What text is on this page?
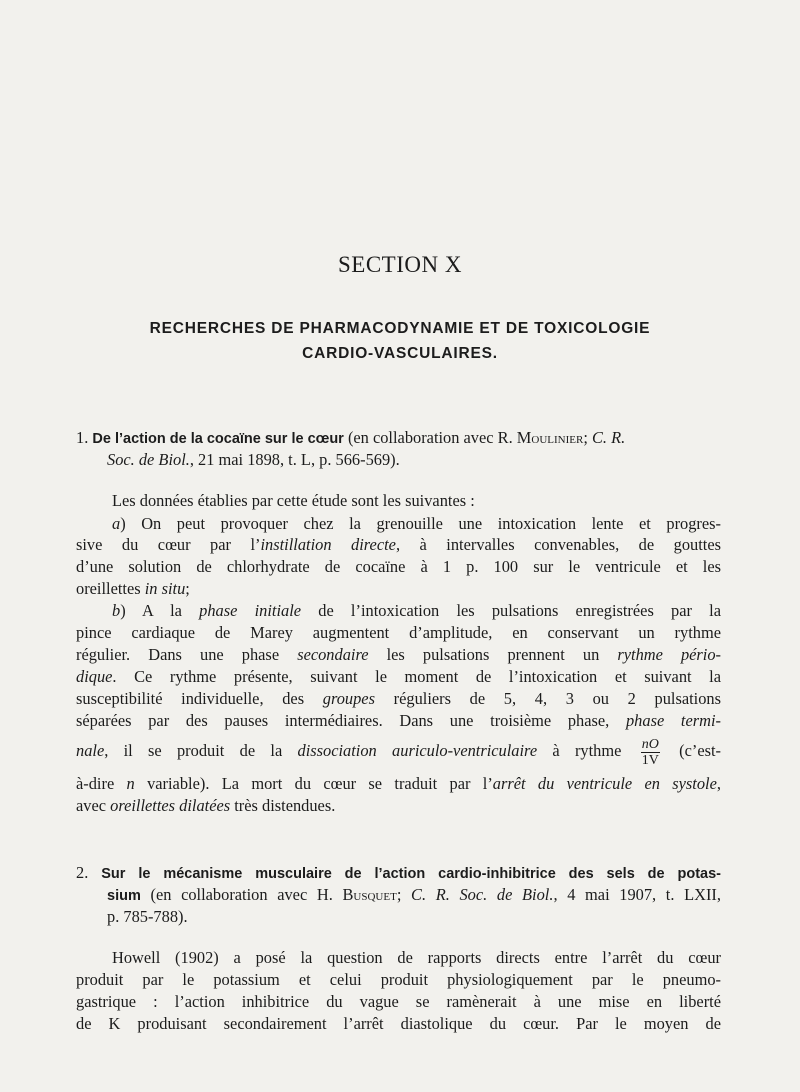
SECTION X
RECHERCHES DE PHARMACODYNAMIE ET DE TOXICOLOGIE
CARDIO-VASCULAIRES.
1. De l’action de la cocaïne sur le cœur (en collaboration avec R. Moulinier; C. R.
Soc. de Biol., 21 mai 1898, t. L, p. 566-569).
Les données établies par cette étude sont les suivantes :
a) On peut provoquer chez la grenouille une intoxication lente et progres-
sive du cœur par l’instillation directe, à intervalles convenables, de gouttes
d’une solution de chlorhydrate de cocaïne à 1 p. 100 sur le ventricule et les
oreillettes in situ;
b) A la phase initiale de l’intoxication les pulsations enregistrées par la
pince cardiaque de Marey augmentent d’amplitude, en conservant un rythme
régulier. Dans une phase secondaire les pulsations prennent un rythme pério-
dique. Ce rythme présente, suivant le moment de l’intoxication et suivant la
susceptibilité individuelle, des groupes réguliers de 5, 4, 3 ou 2 pulsations
séparées par des pauses intermédiaires. Dans une troisième phase, phase termi-
nale, il se produit de la dissociation auriculo-ventriculaire à rythme $\frac{nO}{1V}$ (c’est-
à-dire n variable). La mort du cœur se traduit par l’arrêt du ventricule en systole,
avec oreillettes dilatées très distendues.
2. Sur le mécanisme musculaire de l’action cardio-inhibitrice des sels de potas-
sium (en collaboration avec H. Busquet; C. R. Soc. de Biol., 4 mai 1907, t. LXII,
p. 785-788).
Howell (1902) a posé la question de rapports directs entre l’arrêt du cœur
produit par le potassium et celui produit physiologiquement par le pneumo-
gastrique : l’action inhibitrice du vague se ramènerait à une mise en liberté
de K produisant secondairement l’arrêt diastolique du cœur. Par le moyen de
